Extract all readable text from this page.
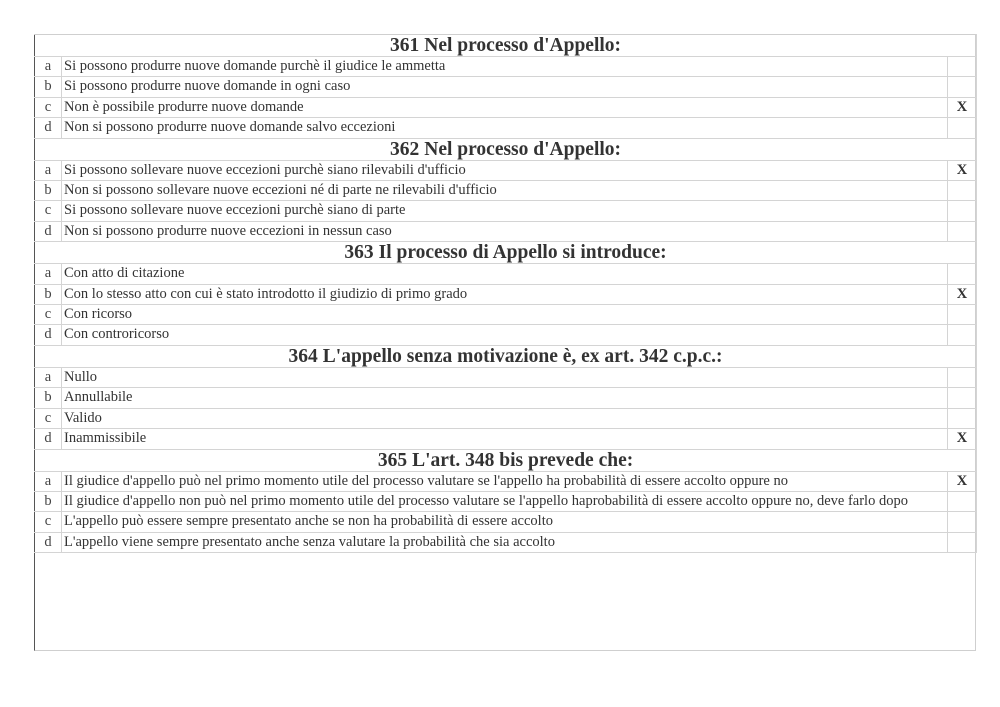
361 Nel processo d'Appello:		
a	Si possono produrre nuove domande purchè il giudice le ammetta	
b	Si possono produrre nuove domande in ogni caso	
c	Non è possibile produrre nuove domande	X
d	Non si possono produrre nuove domande salvo eccezioni	
362 Nel processo d'Appello:		
a	Si possono sollevare nuove eccezioni purchè siano rilevabili d'ufficio	X
b	Non si possono sollevare nuove eccezioni né di parte ne rilevabili d'ufficio	
c	Si possono sollevare nuove eccezioni purchè siano di parte	
d	Non si possono produrre nuove eccezioni in nessun caso	
363 Il processo di Appello si introduce:		
a	Con atto di citazione	
b	Con lo stesso atto con cui è stato introdotto il giudizio di primo grado	X
c	Con ricorso	
d	Con controricorso	
364 L'appello senza motivazione è, ex art. 342 c.p.c.:		
a	Nullo	
b	Annullabile	
c	Valido	
d	Inammissibile	X
365 L'art. 348 bis prevede che:		
a	Il giudice d'appello può nel primo momento utile del processo valutare se l'appello ha probabilità di essere accolto oppure no	X
b	Il giudice d'appello non può nel primo momento utile del processo valutare se l'appello haprobabilità di essere accolto oppure no, deve farlo dopo	
c	L'appello può essere sempre presentato anche se non ha probabilità di essere accolto	
d	L'appello viene sempre presentato anche senza valutare la probabilità che sia accolto	
